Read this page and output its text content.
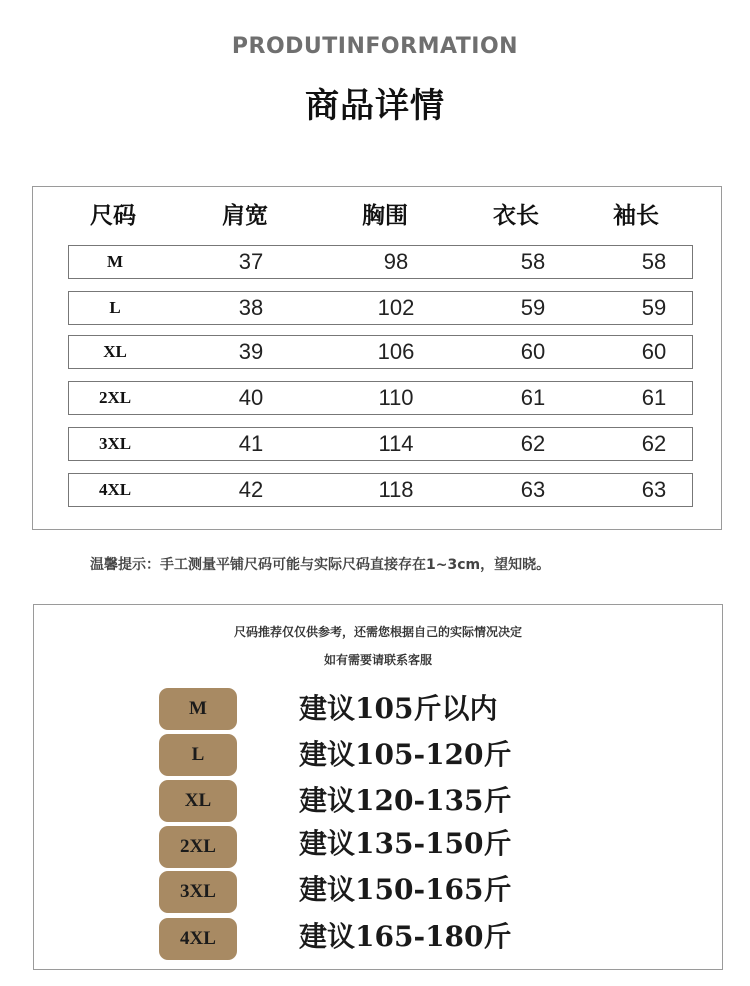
PRODUTINFORMATION
商品详情
尺码	肩宽	胸围	衣长	袖长
M	37	98	58	58
L	38	102	59	59
XL	39	106	60	60
2XL	40	110	61	61
3XL	41	114	62	62
4XL	42	118	63	63
温馨提示：手工测量平铺尺码可能与实际尺码直接存在1~3cm，望知晓。
尺码推荐仅仅供参考，还需您根据自己的实际情况决定
如有需要请联系客服
M	建议105斤以内
L	建议105-120斤
XL	建议120-135斤
2XL	建议135-150斤
3XL	建议150-165斤
4XL	建议165-180斤
